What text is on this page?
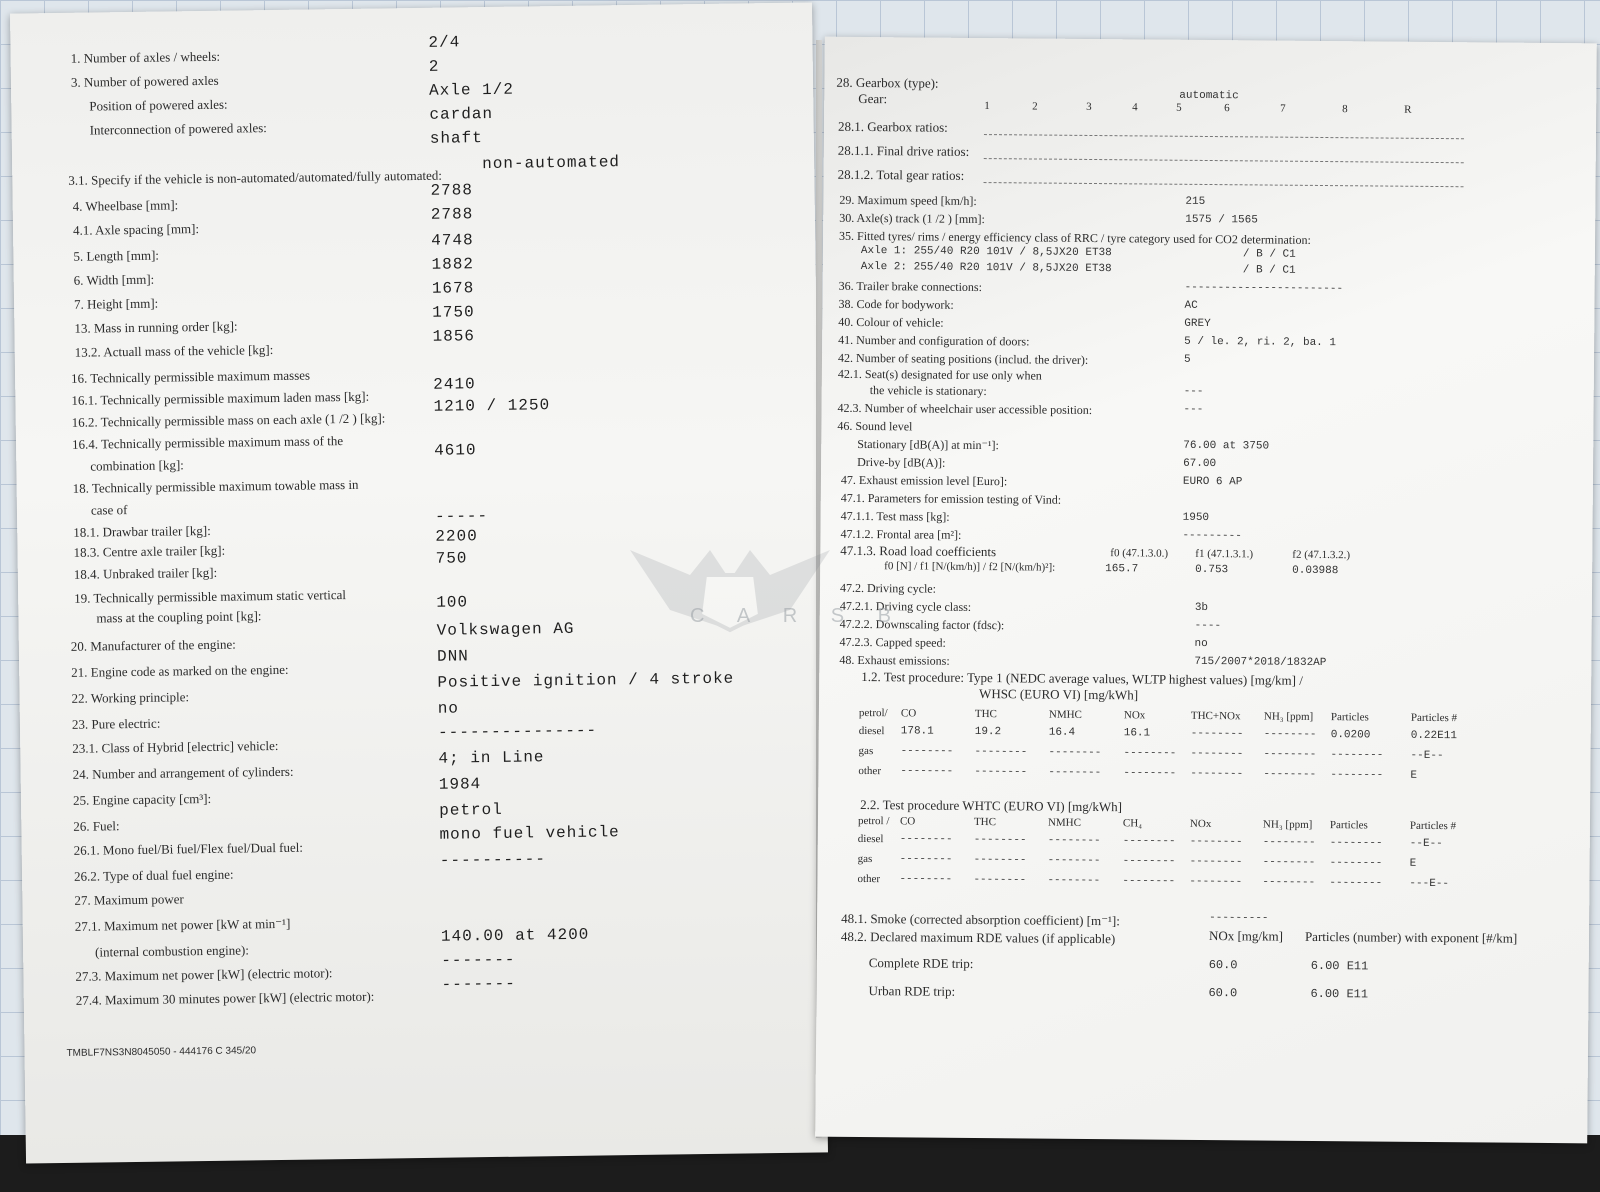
1. Number of axles / wheels:
2/4
3. Number of powered axles
2
Position of powered axles:
Axle 1/2
Interconnection of powered axles:
cardan
shaft
3.1. Specify if the vehicle is non-automated/automated/fully automated:
non-automated
4. Wheelbase [mm]:
2788
4.1. Axle spacing [mm]:
2788
5. Length [mm]:
4748
6. Width [mm]:
1882
7. Height [mm]:
1678
13. Mass in running order [kg]:
1750
13.2. Actuall mass of the vehicle [kg]:
1856
16. Technically permissible maximum masses
16.1. Technically permissible maximum laden mass [kg]:
2410
16.2. Technically permissible mass on each axle (1 /2 ) [kg]:
1210 / 1250
16.4. Technically permissible maximum mass of the
combination [kg]:
4610
18. Technically permissible maximum towable mass in
case of
18.1. Drawbar trailer [kg]:
-----
18.3. Centre axle trailer [kg]:
2200
18.4. Unbraked trailer [kg]:
750
19. Technically permissible maximum static vertical
mass at the coupling point [kg]:
100
20. Manufacturer of the engine:
Volkswagen AG
21. Engine code as marked on the engine:
DNN
22. Working principle:
Positive ignition / 4 stroke
23. Pure electric:
no
23.1. Class of Hybrid [electric] vehicle:
---------------
24. Number and arrangement of cylinders:
4; in Line
25. Engine capacity [cm³]:
1984
26. Fuel:
petrol
26.1. Mono fuel/Bi fuel/Flex fuel/Dual fuel:
mono fuel vehicle
26.2. Type of dual fuel engine:
----------
27. Maximum power
27.1. Maximum net power [kW at min⁻¹]
(internal combustion engine):
140.00 at 4200
27.3. Maximum net power [kW] (electric motor):
-------
27.4. Maximum 30 minutes power [kW] (electric motor):
-------
TMBLF7NS3N8045050 - 444176 C 345/20
28. Gearbox (type):
Gear:	automatic
1	2	3	4	5	6	7	8	R
28.1. Gearbox ratios:
28.1.1. Final drive ratios:
28.1.2. Total gear ratios:
29. Maximum speed [km/h]:	215
30. Axle(s) track (1 /2 ) [mm]:	1575 / 1565
35. Fitted tyres/ rims / energy efficiency class of RRC / tyre category used for CO2 determination:
Axle 1: 255/40 R20 101V / 8,5JX20 ET38	/ B / C1
Axle 2: 255/40 R20 101V / 8,5JX20 ET38	/ B / C1
36. Trailer brake connections:	------------------------
38. Code for bodywork:	AC
40. Colour of vehicle:	GREY
41. Number and configuration of doors:	5 / le. 2, ri. 2, ba. 1
42. Number of seating positions (includ. the driver):	5
42.1. Seat(s) designated for use only when
the vehicle is stationary:	---
42.3. Number of wheelchair user accessible position:	---
46. Sound level
Stationary [dB(A)] at min⁻¹]:	76.00 at 3750
Drive-by [dB(A)]:	67.00
47. Exhaust emission level [Euro]:	EURO 6 AP
47.1. Parameters for emission testing of Vind:
47.1.1. Test mass [kg]:	1950
47.1.2. Frontal area [m²]:	---------
47.1.3. Road load coefficients	f0 (47.1.3.0.) f1 (47.1.3.1.)	f2 (47.1.3.2.)
f0 [N] / f1 [N/(km/h)] / f2 [N/(km/h)²]:	165.7	0.753	0.03988
47.2. Driving cycle:
47.2.1. Driving cycle class:	3b
47.2.2. Downscaling factor (fdsc):	----
47.2.3. Capped speed:	no
48. Exhaust emissions:	715/2007*2018/1832AP
1.2. Test procedure: Type 1 (NEDC average values, WLTP highest values) [mg/km] /
WHSC (EURO VI) [mg/kWh]
petrol/ CO	THC	NMHC	NOx	THC+NOx NH₃ [ppm] Particles	Particles #
diesel 178.1	19.2	16.4	16.1	-------- -------- 0.0200	0.22E11
gas -------- -------- -------- -------- -------- -------- -------- --E--
other -------- -------- -------- -------- -------- -------- -------- E
2.2. Test procedure WHTC (EURO VI) [mg/kWh]
petrol / CO	THC	NMHC	CH₄	NOx	NH₃ [ppm] Particles	Particles #
diesel -------- -------- -------- -------- -------- -------- -------- --E--
gas -------- -------- -------- -------- -------- -------- -------- E
other -------- -------- -------- -------- -------- -------- -------- ---E--
48.1. Smoke (corrected absorption coefficient) [m⁻¹]:	---------
48.2. Declared maximum RDE values (if applicable)	NOx [mg/km] Particles (number) with exponent [#/km]
Complete RDE trip:	60.0	6.00 E11
Urban RDE trip:	60.0	6.00 E11
C A R S B
